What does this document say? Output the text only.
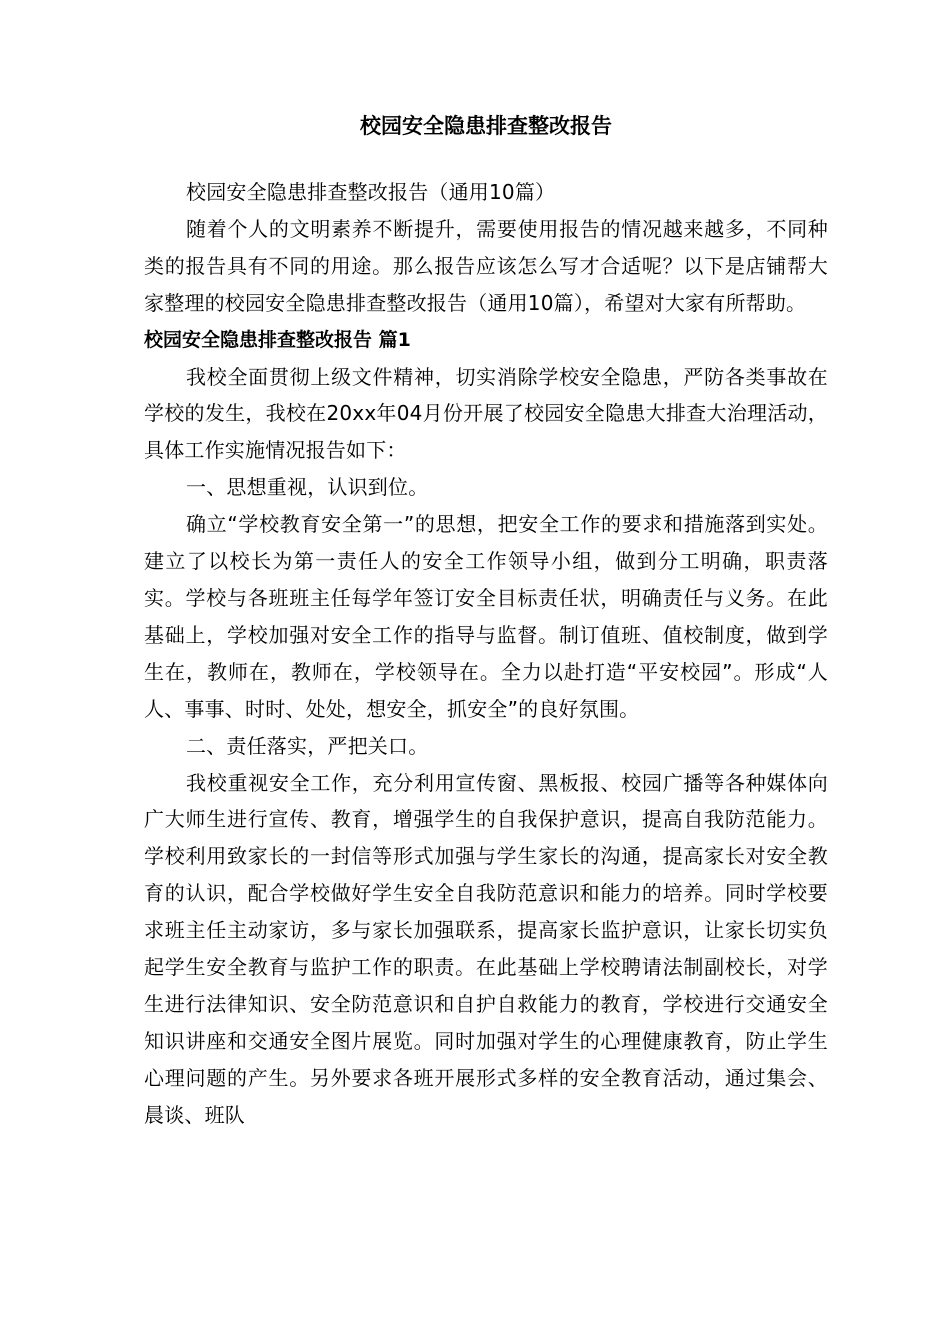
校园安全隐患排查整改报告

校园安全隐患排查整改报告（通用10篇）

随着个人的文明素养不断提升，需要使用报告的情况越来越多，不同种类的报告具有不同的用途。那么报告应该怎么写才合适呢？以下是店铺帮大家整理的校园安全隐患排查整改报告（通用10篇），希望对大家有所帮助。

校园安全隐患排查整改报告 篇1

我校全面贯彻上级文件精神，切实消除学校安全隐患，严防各类事故在学校的发生，我校在20xx年04月份开展了校园安全隐患大排查大治理活动，具体工作实施情况报告如下：

一、思想重视，认识到位。

确立“学校教育安全第一”的思想，把安全工作的要求和措施落到实处。建立了以校长为第一责任人的安全工作领导小组，做到分工明确，职责落实。学校与各班班主任每学年签订安全目标责任状，明确责任与义务。在此基础上，学校加强对安全工作的指导与监督。制订值班、值校制度，做到学生在，教师在，教师在，学校领导在。全力以赴打造“平安校园”。形成“人人、事事、时时、处处，想安全，抓安全”的良好氛围。

二、责任落实，严把关口。

我校重视安全工作，充分利用宣传窗、黑板报、校园广播等各种媒体向广大师生进行宣传、教育，增强学生的自我保护意识，提高自我防范能力。学校利用致家长的一封信等形式加强与学生家长的沟通，提高家长对安全教育的认识，配合学校做好学生安全自我防范意识和能力的培养。同时学校要求班主任主动家访，多与家长加强联系，提高家长监护意识，让家长切实负起学生安全教育与监护工作的职责。在此基础上学校聘请法制副校长，对学生进行法律知识、安全防范意识和自护自救能力的教育，学校进行交通安全知识讲座和交通安全图片展览。同时加强对学生的心理健康教育，防止学生心理问题的产生。另外要求各班开展形式多样的安全教育活动，通过集会、晨谈、班队
